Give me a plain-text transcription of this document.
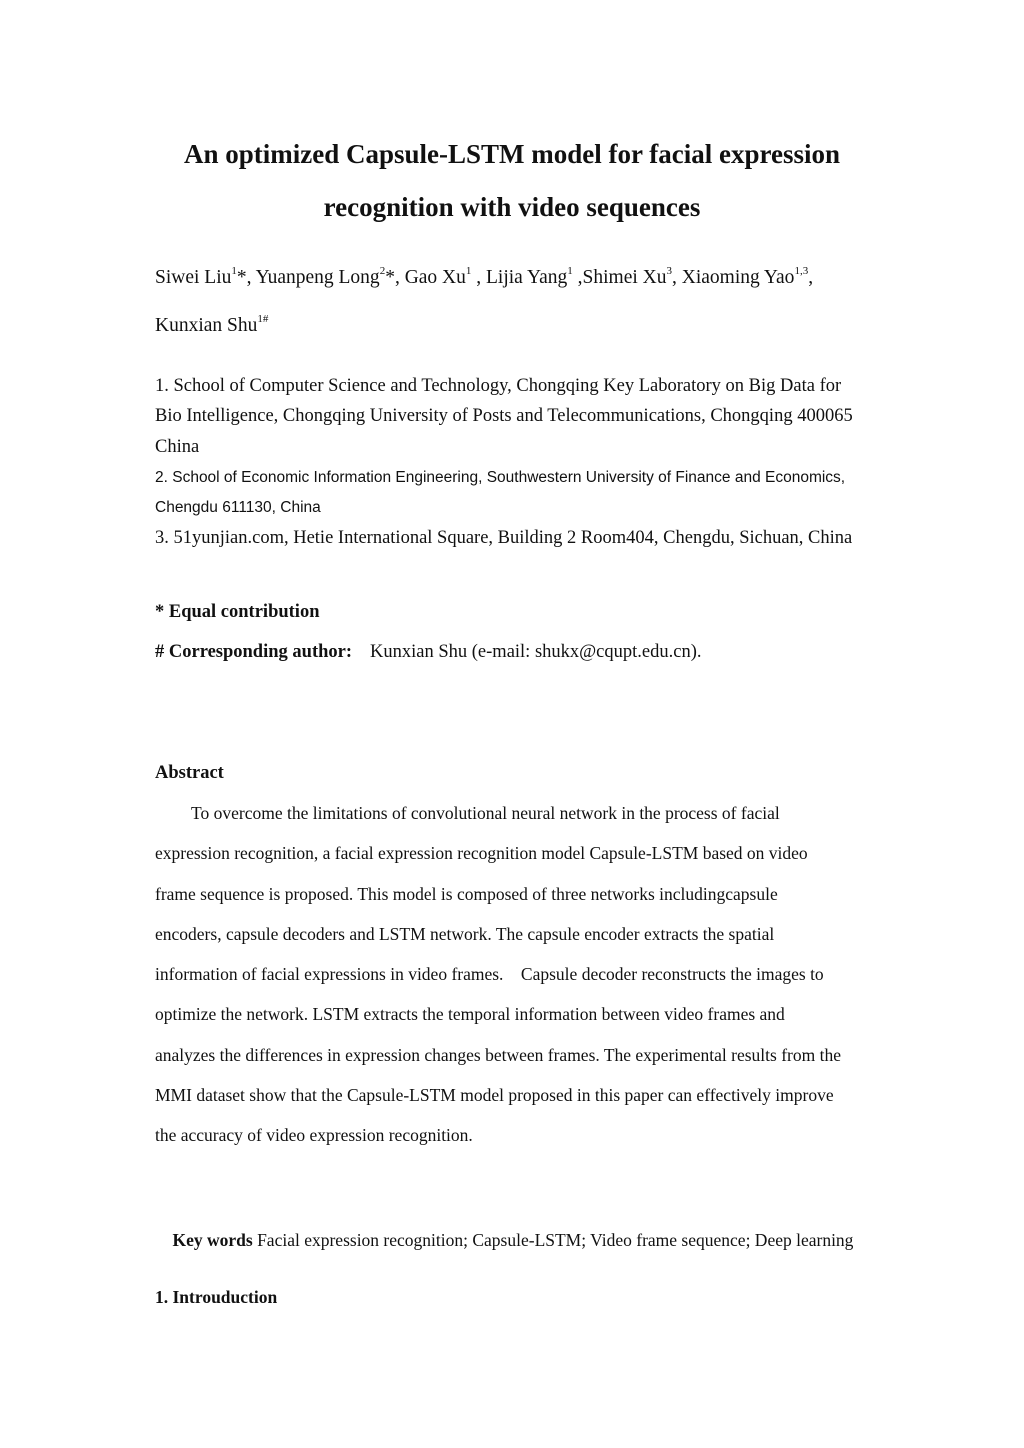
An optimized Capsule-LSTM model for facial expression
recognition with video sequences
Siwei Liu$^1$*, Yuanpeng Long$^2$*, Gao Xu$^1$ , Lijia Yang$^1$ ,Shimei Xu$^3$, Xiaoming Yao$^{1,3}$,
Kunxian Shu$^{1\#}$
1. School of Computer Science and Technology, Chongqing Key Laboratory on Big Data for
Bio Intelligence, Chongqing University of Posts and Telecommunications, Chongqing 400065
China
2. School of Economic Information Engineering, Southwestern University of Finance and Economics,
Chengdu 611130, China
3. 51yunjian.com, Hetie International Square, Building 2 Room404, Chengdu, Sichuan, China
* Equal contribution
# Corresponding author: Kunxian Shu (e-mail: shukx@cqupt.edu.cn).
Abstract
To overcome the limitations of convolutional neural network in the process of facial
expression recognition, a facial expression recognition model Capsule-LSTM based on video
frame sequence is proposed. This model is composed of three networks includingcapsule
encoders, capsule decoders and LSTM network. The capsule encoder extracts the spatial
information of facial expressions in video frames.    Capsule decoder reconstructs the images to
optimize the network. LSTM extracts the temporal information between video frames and
analyzes the differences in expression changes between frames. The experimental results from the
MMI dataset show that the Capsule-LSTM model proposed in this paper can effectively improve
the accuracy of video expression recognition.

Key words Facial expression recognition; Capsule-LSTM; Video frame sequence; Deep learning

1. Introuduction
